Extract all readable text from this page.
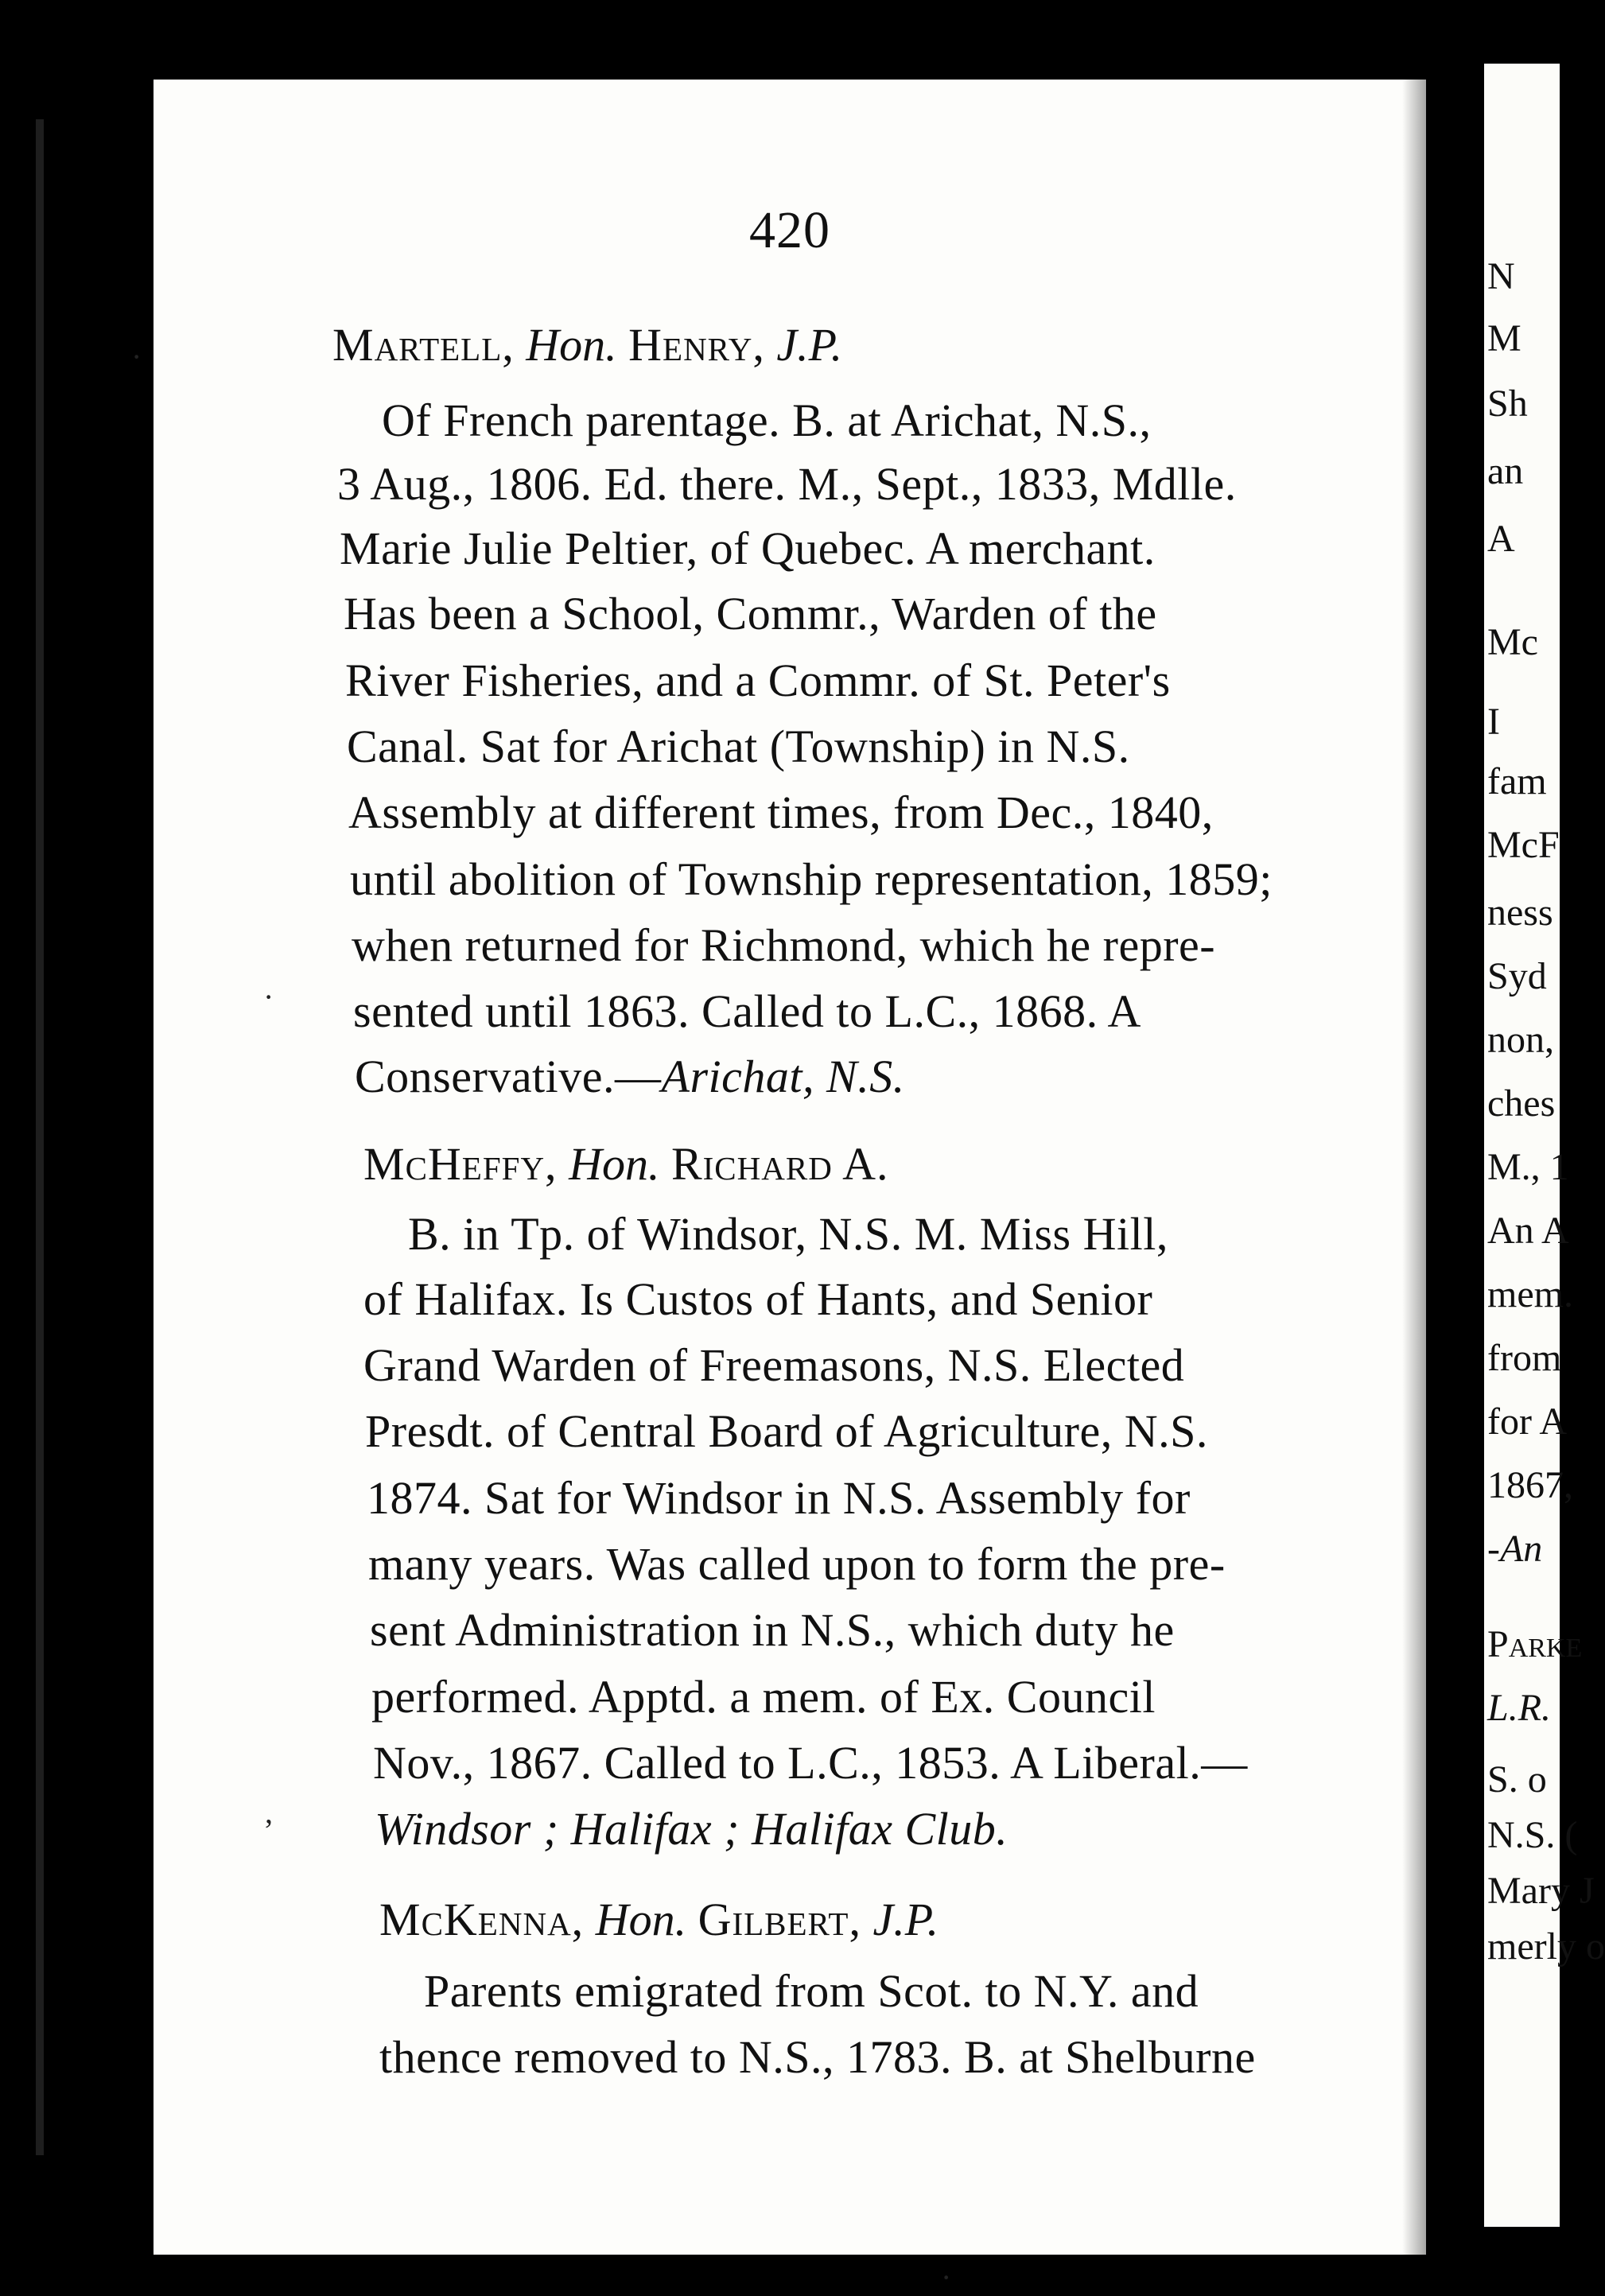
420
Martell, Hon. Henry, J.P.
Of French parentage. B. at Arichat, N.S.,
3 Aug., 1806. Ed. there. M., Sept., 1833, Mdlle.
Marie Julie Peltier, of Quebec. A merchant.
Has been a School, Commr., Warden of the
River Fisheries, and a Commr. of St. Peter's
Canal. Sat for Arichat (Township) in N.S.
Assembly at different times, from Dec., 1840,
until abolition of Township representation, 1859;
when returned for Richmond, which he repre-
sented until 1863. Called to L.C., 1868. A
Conservative.—Arichat, N.S.
McHeffy, Hon. Richard A.
B. in Tp. of Windsor, N.S. M. Miss Hill,
of Halifax. Is Custos of Hants, and Senior
Grand Warden of Freemasons, N.S. Elected
Presdt. of Central Board of Agriculture, N.S.
1874. Sat for Windsor in N.S. Assembly for
many years. Was called upon to form the pre-
sent Administration in N.S., which duty he
performed. Apptd. a mem. of Ex. Council
Nov., 1867. Called to L.C., 1853. A Liberal.—
Windsor ; Halifax ; Halifax Club.
McKenna, Hon. Gilbert, J.P.
Parents emigrated from Scot. to N.Y. and
thence removed to N.S., 1783. B. at Shelburne
·
·
,
·
N
M
Sh
an
A
Mc
I
fam
McF
ness
Syd
non,
ches
M., 1
An A
mem.
from
for A
1867,
-An
Parke
L.R.
S. o
N.S. (
Mary J
merly o
